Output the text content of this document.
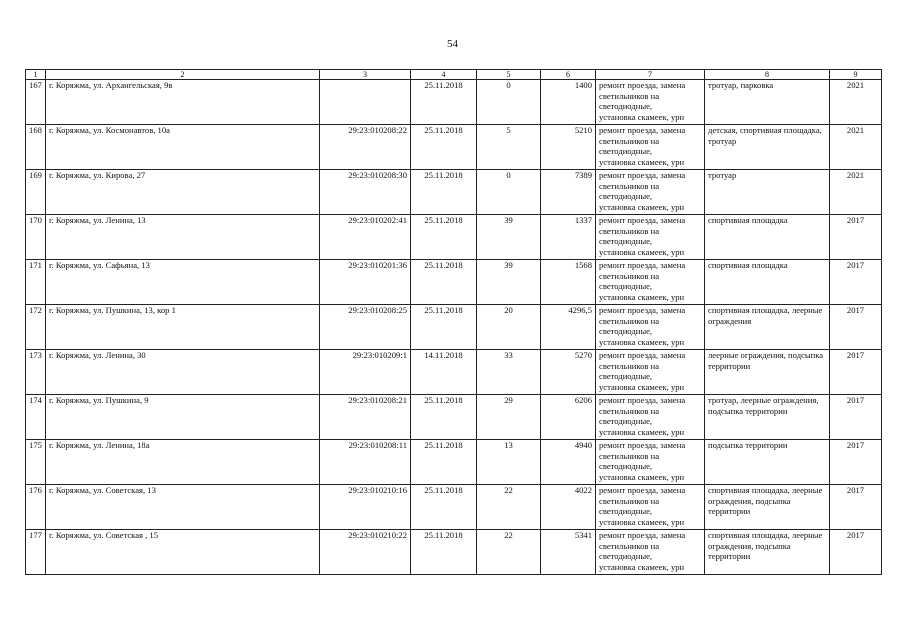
54
1	2	3	4	5	6	7	8	9
167	г. Коряжма, ул. Архангельская, 9в		25.11.2018	0	1400	ремонт проезда, замена
светильников на
светодиодные,
установка скамеек, урн	тротуар, парковка	2021
168	г. Коряжма, ул. Космонавтов, 10а	29:23:010208:22	25.11.2018	5	5210	ремонт проезда, замена
светильников на
светодиодные,
установка скамеек, урн	детская, спортивная площадка, тротуар	2021
169	г. Коряжма, ул. Кирова, 27	29:23:010208:30	25.11.2018	0	7389	ремонт проезда, замена
светильников на
светодиодные,
установка скамеек, урн	тротуар	2021
170	г. Коряжма, ул. Ленина, 13	29:23:010202:41	25.11.2018	39	1337	ремонт проезда, замена
светильников на
светодиодные,
установка скамеек, урн	спортивная площадка	2017
171	г. Коряжма, ул. Сафьяна, 13	29:23:010201:36	25.11.2018	39	1568	ремонт проезда, замена
светильников на
светодиодные,
установка скамеек, урн	спортивная площадка	2017
172	г. Коряжма, ул. Пушкина, 13, кор 1	29:23:010208:25	25.11.2018	20	4296,5	ремонт проезда, замена
светильников на
светодиодные,
установка скамеек, урн	спортивная площадка, леерные ограждения	2017
173	г. Коряжма, ул. Ленина, 30	29:23:010209:1	14.11.2018	33	5270	ремонт проезда, замена
светильников на
светодиодные,
установка скамеек, урн	леерные ограждения, подсыпка территории	2017
174	г. Коряжма, ул. Пушкина, 9	29:23:010208:21	25.11.2018	29	6206	ремонт проезда, замена
светильников на
светодиодные,
установка скамеек, урн	тротуар, леерные ограждения, подсыпка территории	2017
175	г. Коряжма, ул. Ленина, 18а	29:23:010208:11	25.11.2018	13	4940	ремонт проезда, замена
светильников на
светодиодные,
установка скамеек, урн	подсыпка территории	2017
176	г. Коряжма, ул. Советская, 13	29:23:010210:16	25.11.2018	22	4022	ремонт проезда, замена
светильников на
светодиодные,
установка скамеек, урн	спортивная площадка, леерные ограждения, подсыпка территории	2017
177	г. Коряжма, ул. Советская , 15	29:23:010210:22	25.11.2018	22	5341	ремонт проезда, замена
светильников на
светодиодные,
установка скамеек, урн	спортивная площадка, леерные ограждения, подсыпка территории	2017
